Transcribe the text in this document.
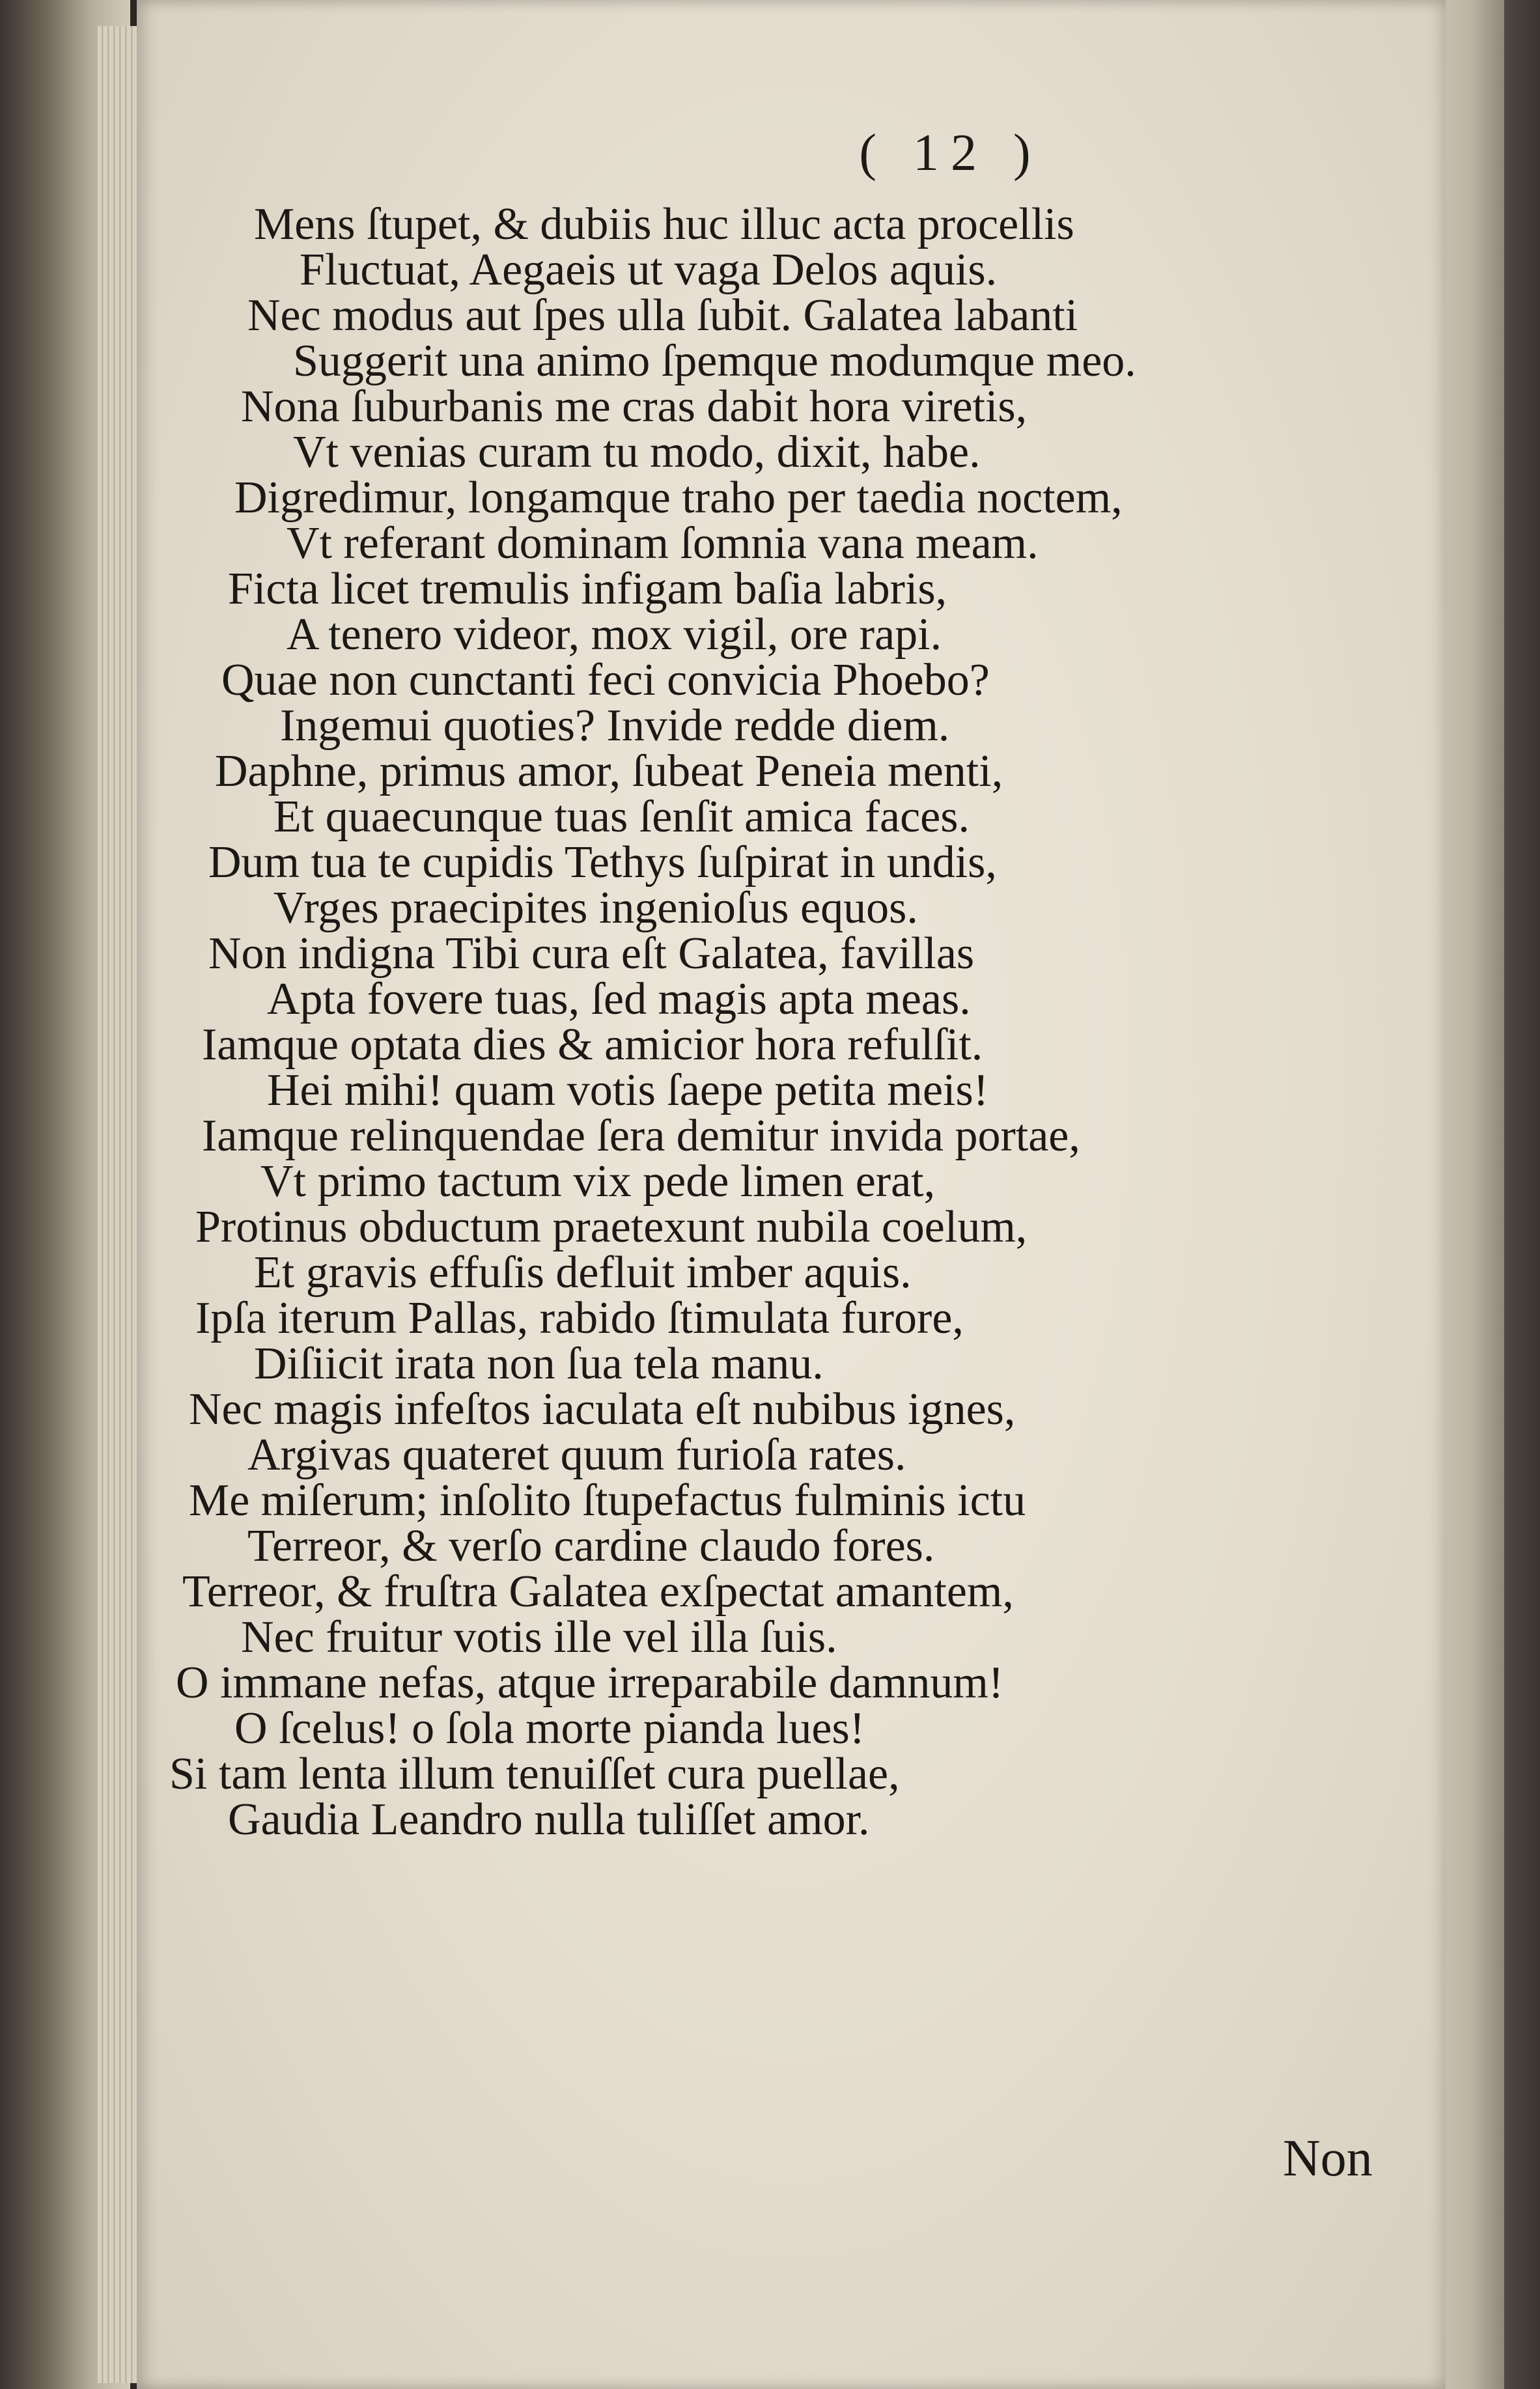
( 12 )
Mens ſtupet, & dubiis huc illuc acta procellis
Fluctuat, Aegaeis ut vaga Delos aquis.
Nec modus aut ſpes ulla ſubit. Galatea labanti
Suggerit una animo ſpemque modumque meo.
Nona ſuburbanis me cras dabit hora viretis,
Vt venias curam tu modo, dixit, habe.
Digredimur, longamque traho per taedia noctem,
Vt referant dominam ſomnia vana meam.
Ficta licet tremulis infigam baſia labris,
A tenero videor, mox vigil, ore rapi.
Quae non cunctanti feci convicia Phoebo?
Ingemui quoties? Invide redde diem.
Daphne, primus amor, ſubeat Peneia menti,
Et quaecunque tuas ſenſit amica faces.
Dum tua te cupidis Tethys ſuſpirat in undis,
Vrges praecipites ingenioſus equos.
Non indigna Tibi cura eſt Galatea, favillas
Apta fovere tuas, ſed magis apta meas.
Iamque optata dies & amicior hora refulſit.
Hei mihi! quam votis ſaepe petita meis!
Iamque relinquendae ſera demitur invida portae,
Vt primo tactum vix pede limen erat,
Protinus obductum praetexunt nubila coelum,
Et gravis effuſis defluit imber aquis.
Ipſa iterum Pallas, rabido ſtimulata furore,
Diſiicit irata non ſua tela manu.
Nec magis infeſtos iaculata eſt nubibus ignes,
Argivas quateret quum furioſa rates.
Me miſerum; inſolito ſtupefactus fulminis ictu
Terreor, & verſo cardine claudo fores.
Terreor, & fruſtra Galatea exſpectat amantem,
Nec fruitur votis ille vel illa ſuis.
O immane nefas, atque irreparabile damnum!
O ſcelus! o ſola morte pianda lues!
Si tam lenta illum tenuiſſet cura puellae,
Gaudia Leandro nulla tuliſſet amor.
Non
